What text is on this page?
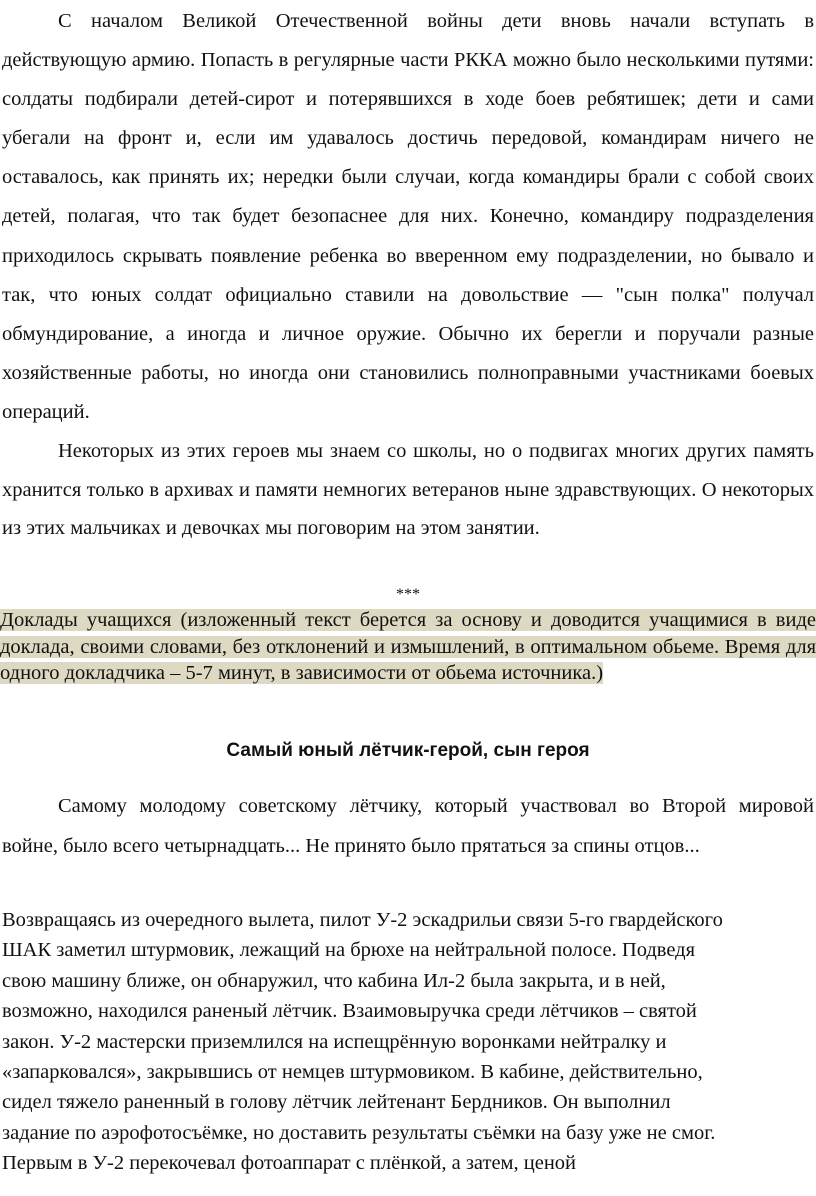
С началом Великой Отечественной войны дети вновь начали вступать в действующую армию. Попасть в регулярные части РККА можно было несколькими путями: солдаты подбирали детей-сирот и потерявшихся в ходе боев ребятишек; дети и сами убегали на фронт и, если им удавалось достичь передовой, командирам ничего не оставалось, как принять их; нередки были случаи, когда командиры брали с собой своих детей, полагая, что так будет безопаснее для них. Конечно, командиру подразделения приходилось скрывать появление ребенка во вверенном ему подразделении, но бывало и так, что юных солдат официально ставили на довольствие — "сын полка" получал обмундирование, а иногда и личное оружие. Обычно их берегли и поручали разные хозяйственные работы, но иногда они становились полноправными участниками боевых операций.

Некоторых из этих героев мы знаем со школы, но о подвигах многих других память хранится только в архивах и памяти немногих ветеранов ныне здравствующих. О некоторых из этих мальчиках и девочках мы поговорим на этом занятии.

***

Доклады учащихся (изложенный текст берется за основу и доводится учащимися в виде доклада, своими словами, без отклонений и измышлений, в оптимальном обьеме. Время для одного докладчика – 5-7 минут, в зависимости от обьема источника.)

Самый юный лётчик-герой, сын героя

Самому молодому советскому лётчику, который участвовал во Второй мировой войне, было всего четырнадцать... Не принято было прятаться за спины отцов...

Возвращаясь из очередного вылета, пилот У-2 эскадрильи связи 5-го гвардейского
ШАК заметил штурмовик, лежащий на брюхе на нейтральной полосе. Подведя
свою машину ближе, он обнаружил, что кабина Ил-2 была закрыта, и в ней,
возможно, находился раненый лётчик. Взаимовыручка среди лётчиков – святой
закон. У-2 мастерски приземлился на испещрённую воронками нейтралку и
«запарковался», закрывшись от немцев штурмовиком. В кабине, действительно,
сидел тяжело раненный в голову лётчик лейтенант Бердников. Он выполнил
задание по аэрофотосъёмке, но доставить результаты съёмки на базу уже не смог.
Первым в У-2 перекочевал фотоаппарат с плёнкой, а затем, ценой
